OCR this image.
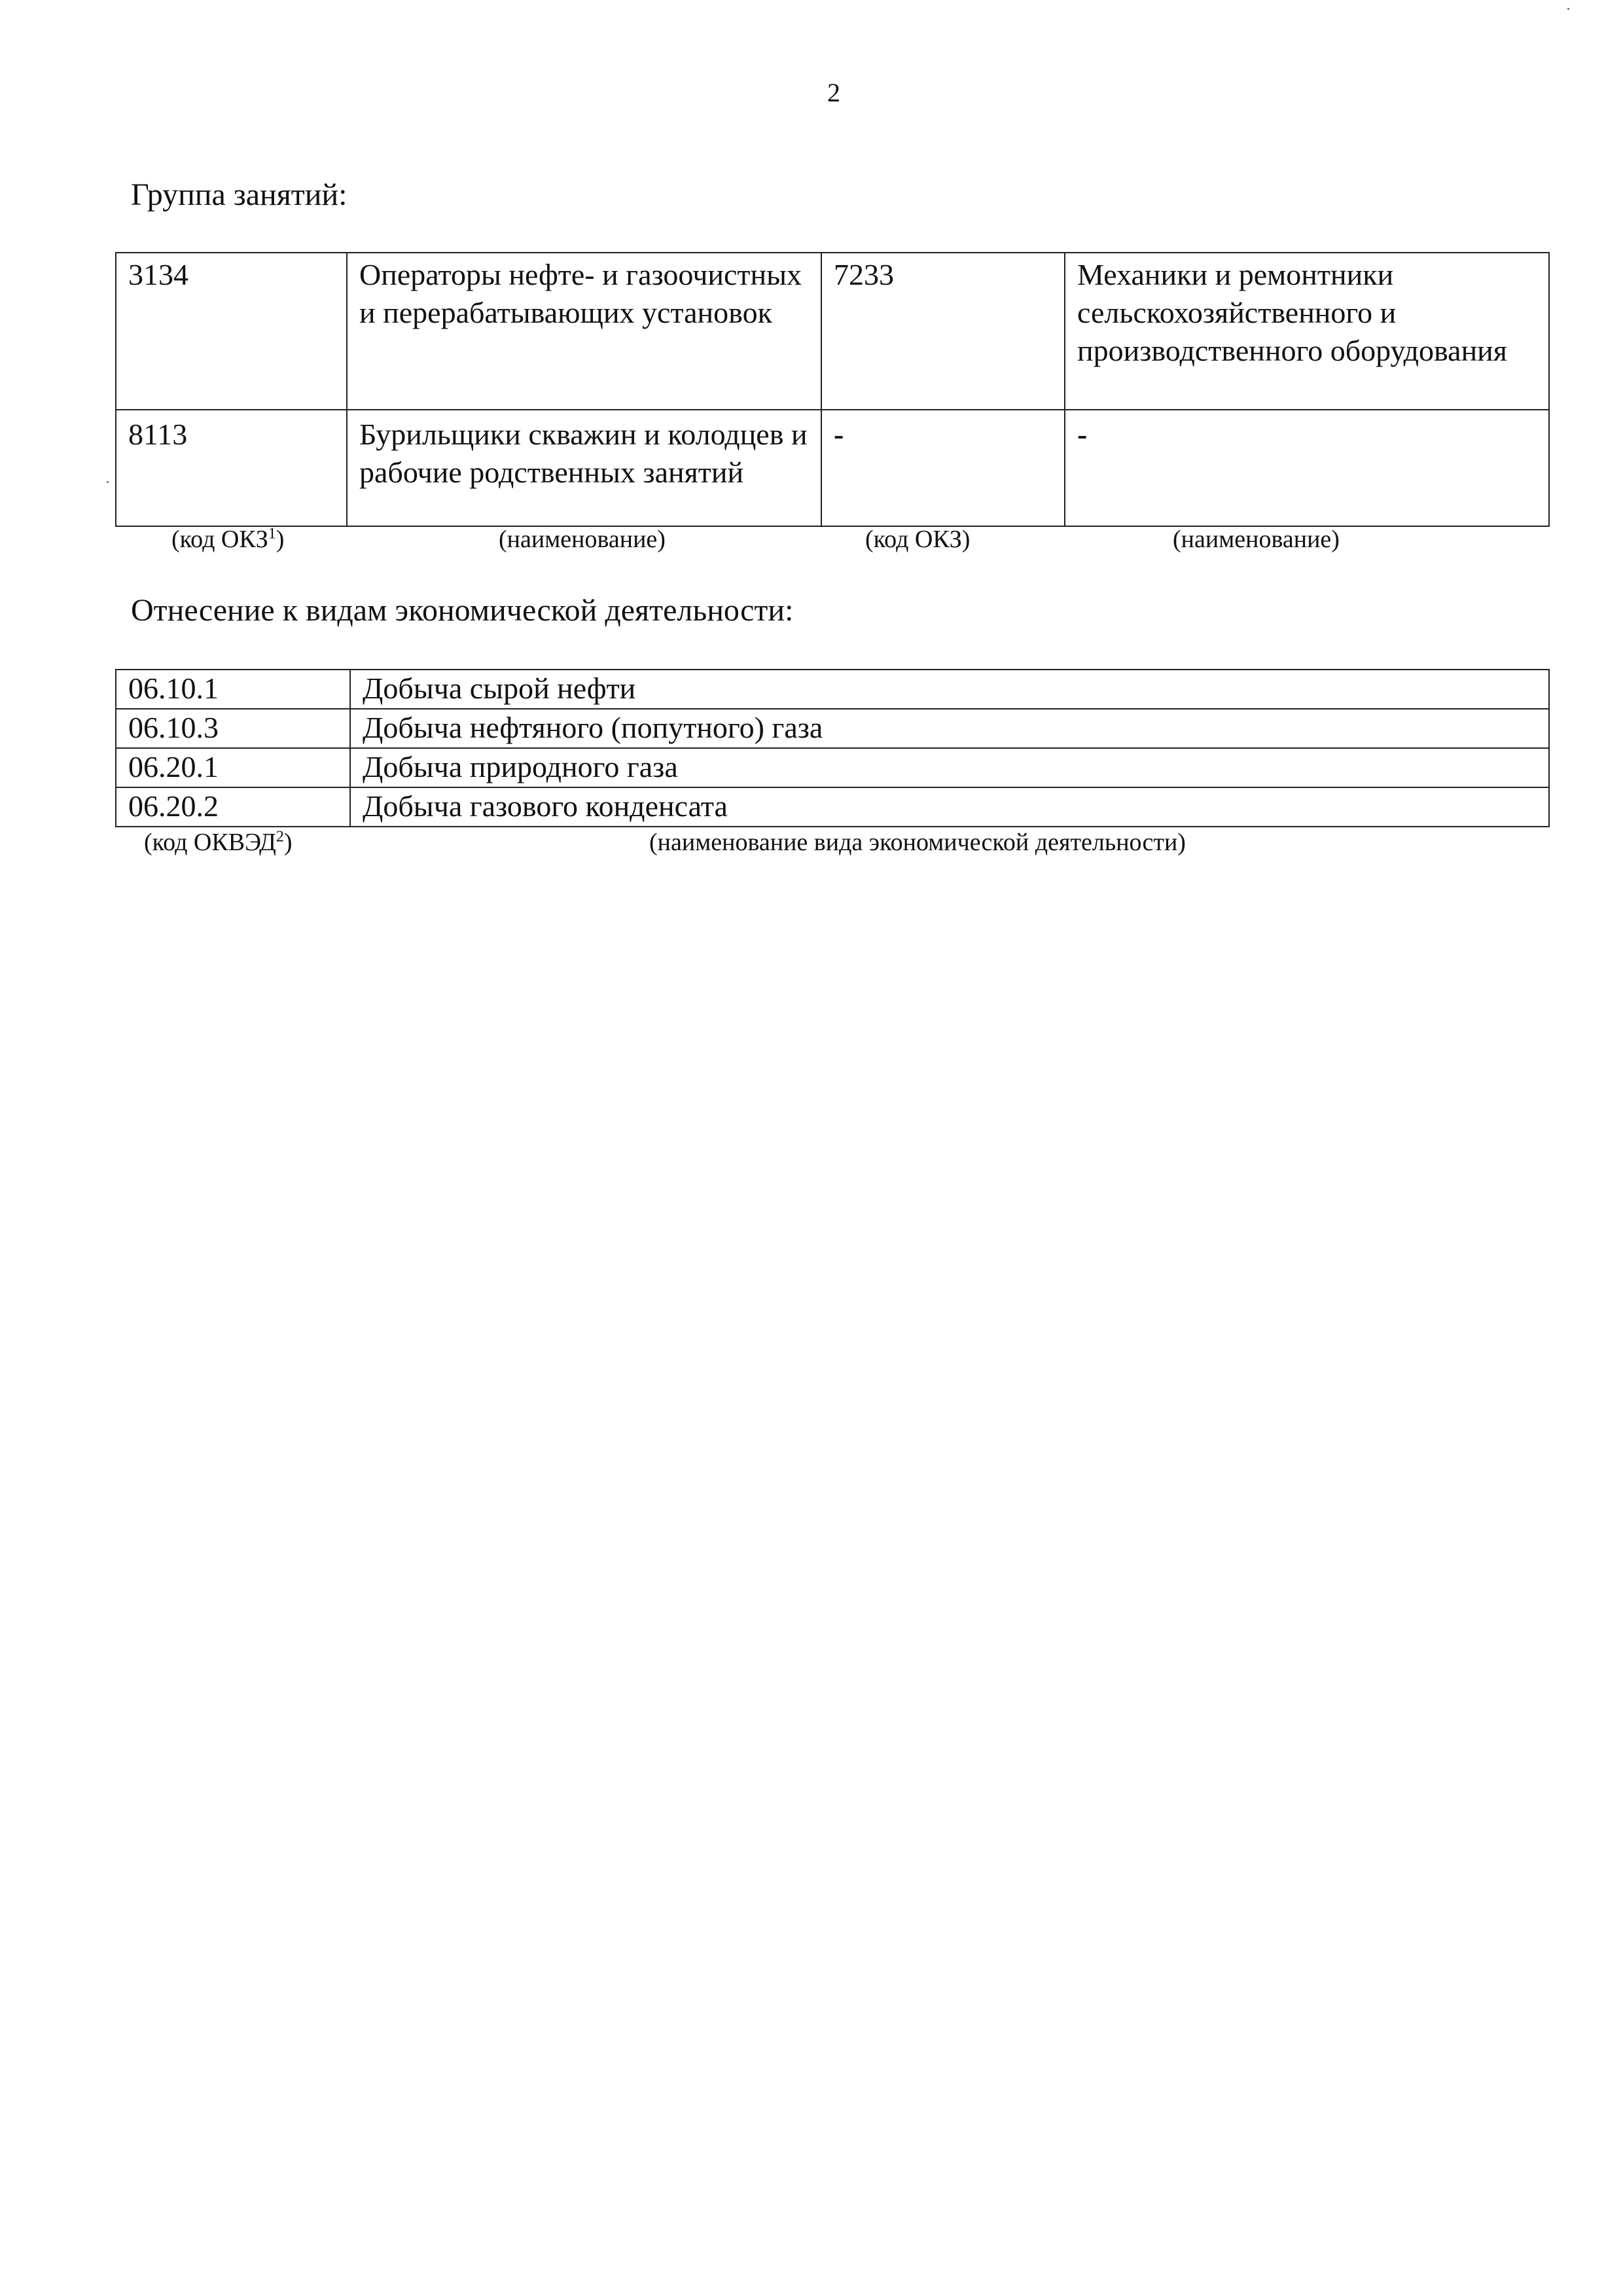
2
Группа занятий:
3134	Операторы нефте- и газоочистных и перерабатывающих установок	7233	Механики и ремонтники сельскохозяйственного и производственного оборудования
8113	Бурильщики скважин и колодцев и рабочие родственных занятий	-	-
(код ОКЗ$^1$)	(наименование)	(код ОКЗ)	(наименование)
Отнесение к видам экономической деятельности:
06.10.1	Добыча сырой нефти
06.10.3	Добыча нефтяного (попутного) газа
06.20.1	Добыча природного газа
06.20.2	Добыча газового конденсата
(код ОКВЭД$^2$)	(наименование вида экономической деятельности)
